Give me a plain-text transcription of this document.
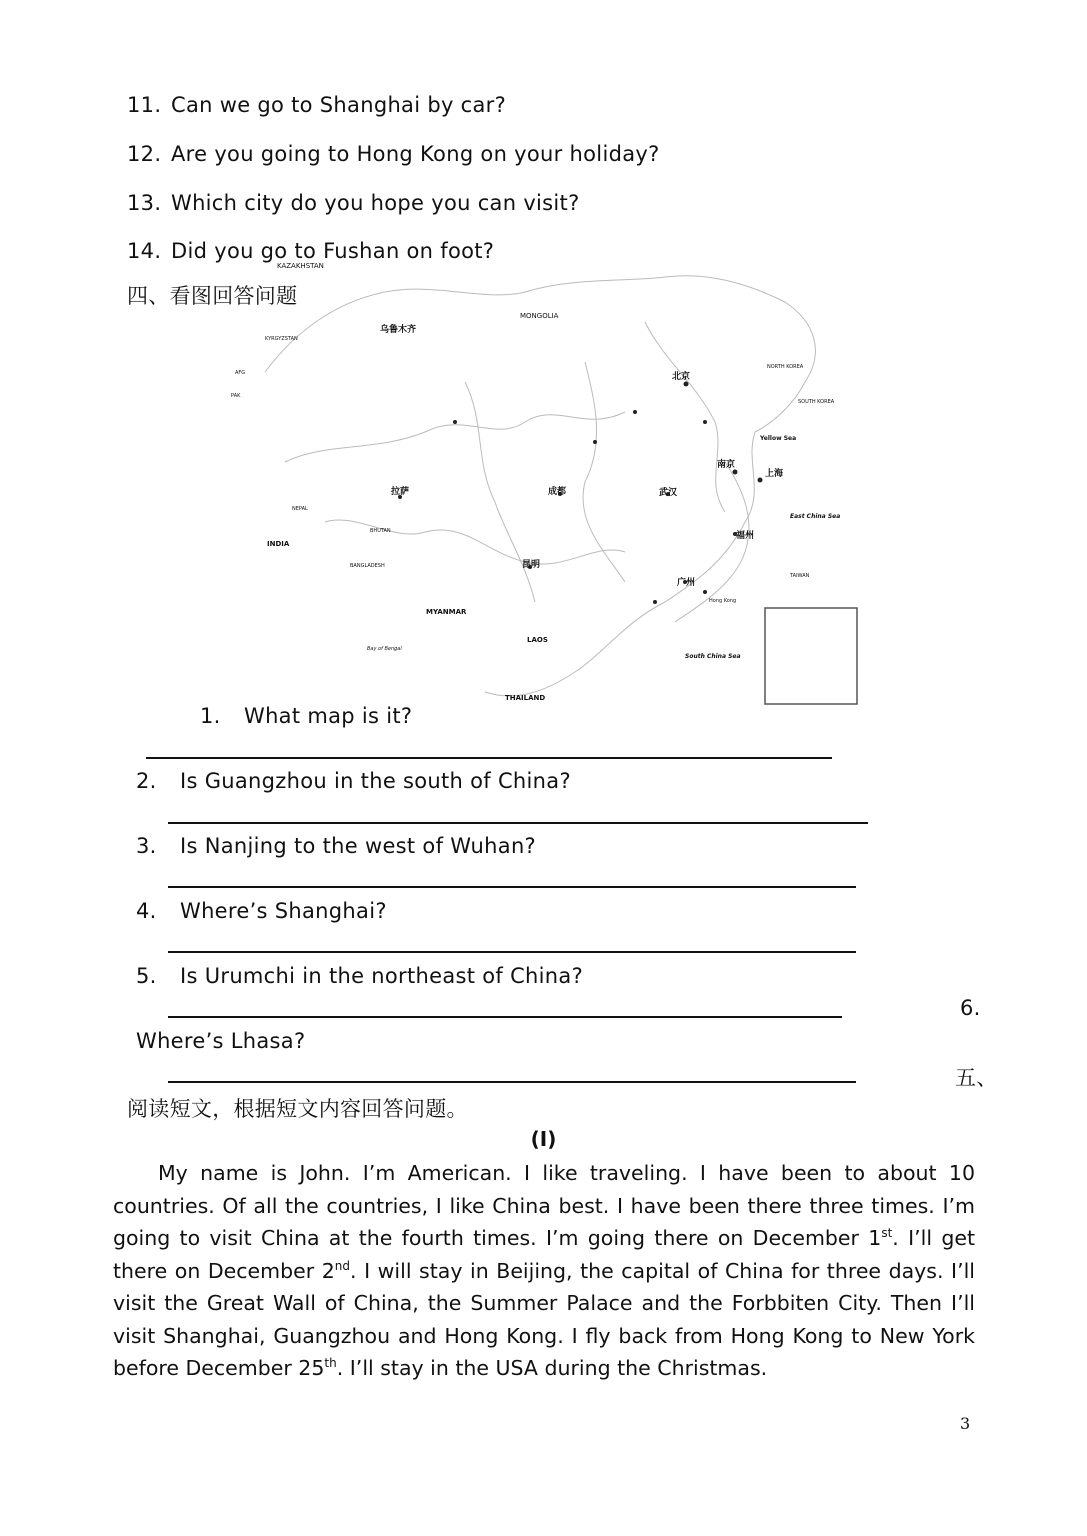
11. Can we go to Shanghai by car?
12. Are you going to Hong Kong on your holiday?
13. Which city do you hope you can visit?
14. Did you go to Fushan on foot?
四、看图回答问题
KAZAKHSTAN
MONGOLIA
KYRGYZSTAN
NORTH KOREA
SOUTH KOREA
NEPAL
BHUTAN
INDIA
BANGLADESH
MYANMAR
LAOS
THAILAND
TAIWAN
Yellow Sea
East China Sea
South China Sea
Bay of Bengal
AFG
PAK
乌鲁木齐
北京
南京
上海
拉萨	成都	武汉
福州
昆明
广州
Hong Kong
1. What map is it?
2. Is Guangzhou in the south of China?
3. Is Nanjing to the west of Wuhan?
4. Where’s Shanghai?
5. Is Urumchi in the northeast of China?
6.
Where’s Lhasa?
五、
阅读短文，根据短文内容回答问题。
(I)
My name is John. I’m American. I like traveling. I have been to about 10 countries. Of all the countries, I like China best. I have been there three times. I’m going to visit China at the fourth times. I’m going there on December 1st. I’ll get there on December 2nd. I will stay in Beijing, the capital of China for three days. I’ll visit the Great Wall of China, the Summer Palace and the Forbbiten City. Then I’ll visit Shanghai, Guangzhou and Hong Kong. I fly back from Hong Kong to New York before December 25th. I’ll stay in the USA during the Christmas.
3
